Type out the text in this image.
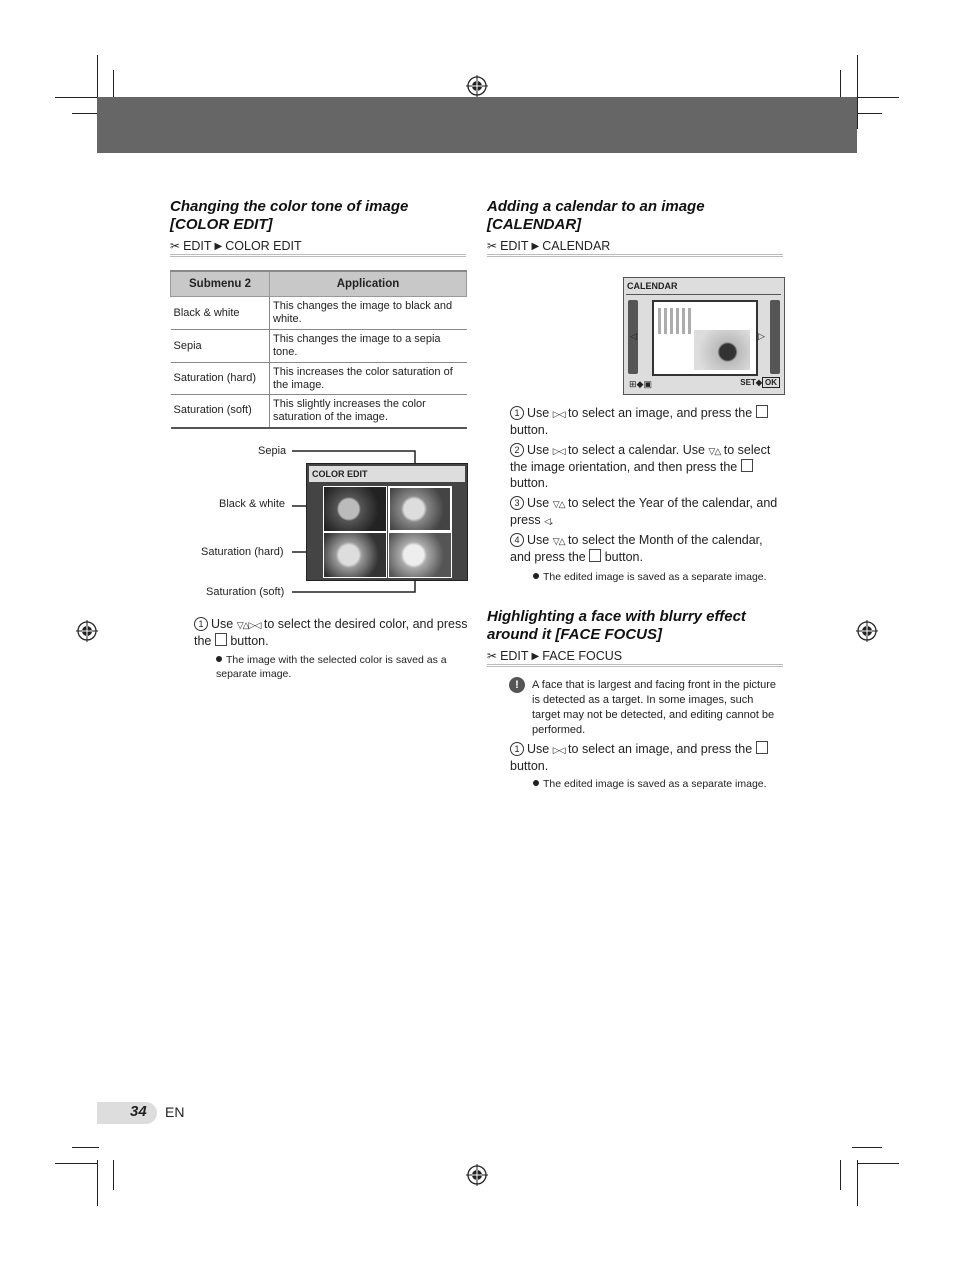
Changing the color tone of image
[COLOR EDIT]
✂ EDIT ▶ COLOR EDIT
Submenu 2	Application
Black & white	This changes the image to black and white.
Sepia	This changes the image to a sepia tone.
Saturation (hard)	This increases the color saturation of the image.
Saturation (soft)	This slightly increases the color saturation of the image.
Sepia
Black & white
Saturation (hard)
Saturation (soft)
COLOR EDIT
1 Use ▽△▷◁ to select the desired color, and press the button.
The image with the selected color is saved as a separate image.
Adding a calendar to an image
[CALENDAR]
✂ EDIT ▶ CALENDAR
CALENDAR
◁	▷
⊞◆▣	SET◆ OK
1 Use ▷◁ to select an image, and press the  button.
2 Use ▷◁ to select a calendar. Use ▽△ to select the image orientation, and then press the  button.
3 Use ▽△ to select the Year of the calendar, and press ◁.
4 Use ▽△ to select the Month of the calendar, and press the button.
The edited image is saved as a separate image.
Highlighting a face with blurry effect
around it [FACE FOCUS]
✂ EDIT ▶ FACE FOCUS
!	A face that is largest and facing front in the picture is detected as a target. In some images, such target may not be detected, and editing cannot be performed.
1 Use ▷◁ to select an image, and press the  button.
The edited image is saved as a separate image.
34 EN
